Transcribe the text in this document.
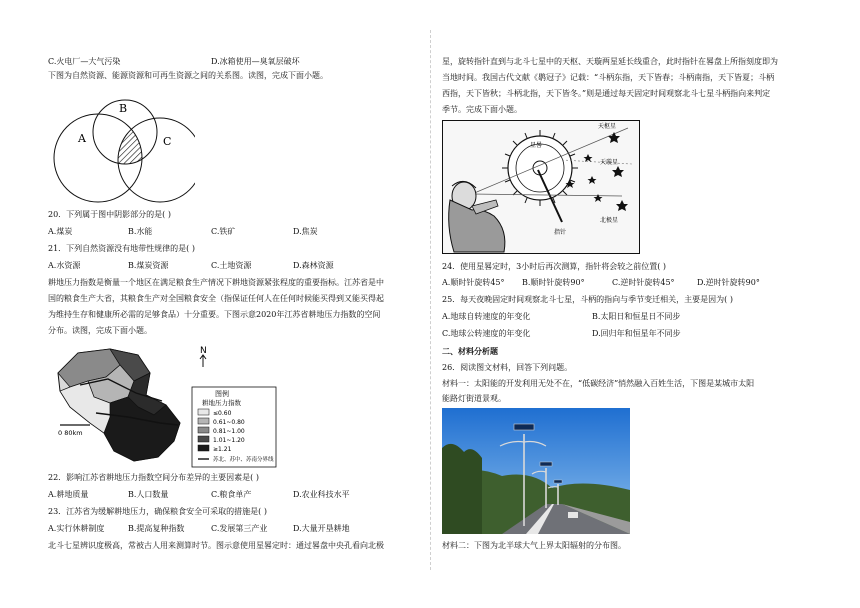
C.火电厂—大气污染	D.冰箱使用—臭氧层破坏
下图为自然资源、能源资源和可再生资源之间的关系图。读图，完成下面小题。
A
B
C
20．下列属于图中阴影部分的是( )
A.煤炭	B.水能	C.铁矿	D.焦炭
21．下列自然资源没有地带性规律的是( )
A.水资源	B.煤炭资源	C.土地资源	D.森林资源
耕地压力指数是衡量一个地区在满足粮食生产情况下耕地资源紧张程度的重要指标。江苏省是中
国的粮食生产大省，其粮食生产对全国粮食安全（指保证任何人在任何时候能买得到又能买得起
为维持生存和健康所必需的足够食品）十分重要。下图示意2020年江苏省耕地压力指数的空间
分布。读图，完成下面小题。
N
0 80km
图例
耕地压力指数
≤0.60
0.61~0.80
0.81~1.00
1.01~1.20
≥1.21
苏北、苏中、苏南分界线
22．影响江苏省耕地压力指数空间分布差异的主要因素是( )
A.耕地质量	B.人口数量	C.粮食单产	D.农业科技水平
23．江苏省为缓解耕地压力，确保粮食安全可采取的措施是( )
A.实行休耕制度	B.提高复种指数	C.发展第三产业	D.大量开垦耕地
北斗七星辨识度极高，常被古人用来测算时节。图示意使用星晷定时：通过晷盘中央孔看向北极
星，旋转指针直到与北斗七星中的天枢、天璇两星延长线重合，此时指针在晷盘上所指刻度即为
当地时间。我国古代文献《鹖冠子》记载：“斗柄东指，天下皆春；斗柄南指，天下皆夏；斗柄
西指，天下皆秋；斗柄北指，天下皆冬。”则是通过每天固定时间观察北斗七星斗柄指向来判定
季节。完成下面小题。
星晷
天枢星
天璇星
北极星
指针
24．使用星晷定时，3小时后再次测算，指针将会较之前位置( )
A.顺时针旋转45° B.顺时针旋转90°	C.逆时针旋转45°	D.逆时针旋转90°
25．每天夜晚固定时间观察北斗七星，斗柄的指向与季节变迁相关，主要是因为( )
A.地球自转速度的年变化	B.太阳日和恒星日不同步
C.地球公转速度的年变化	D.回归年和恒星年不同步
二、材料分析题
26．阅读图文材料，回答下列问题。
材料一：太阳能的开发利用无处不在，“低碳经济”悄然融入百姓生活，下图是某城市太阳
能路灯街道景观。
材料二：下图为北半球大气上界太阳辐射的分布图。
